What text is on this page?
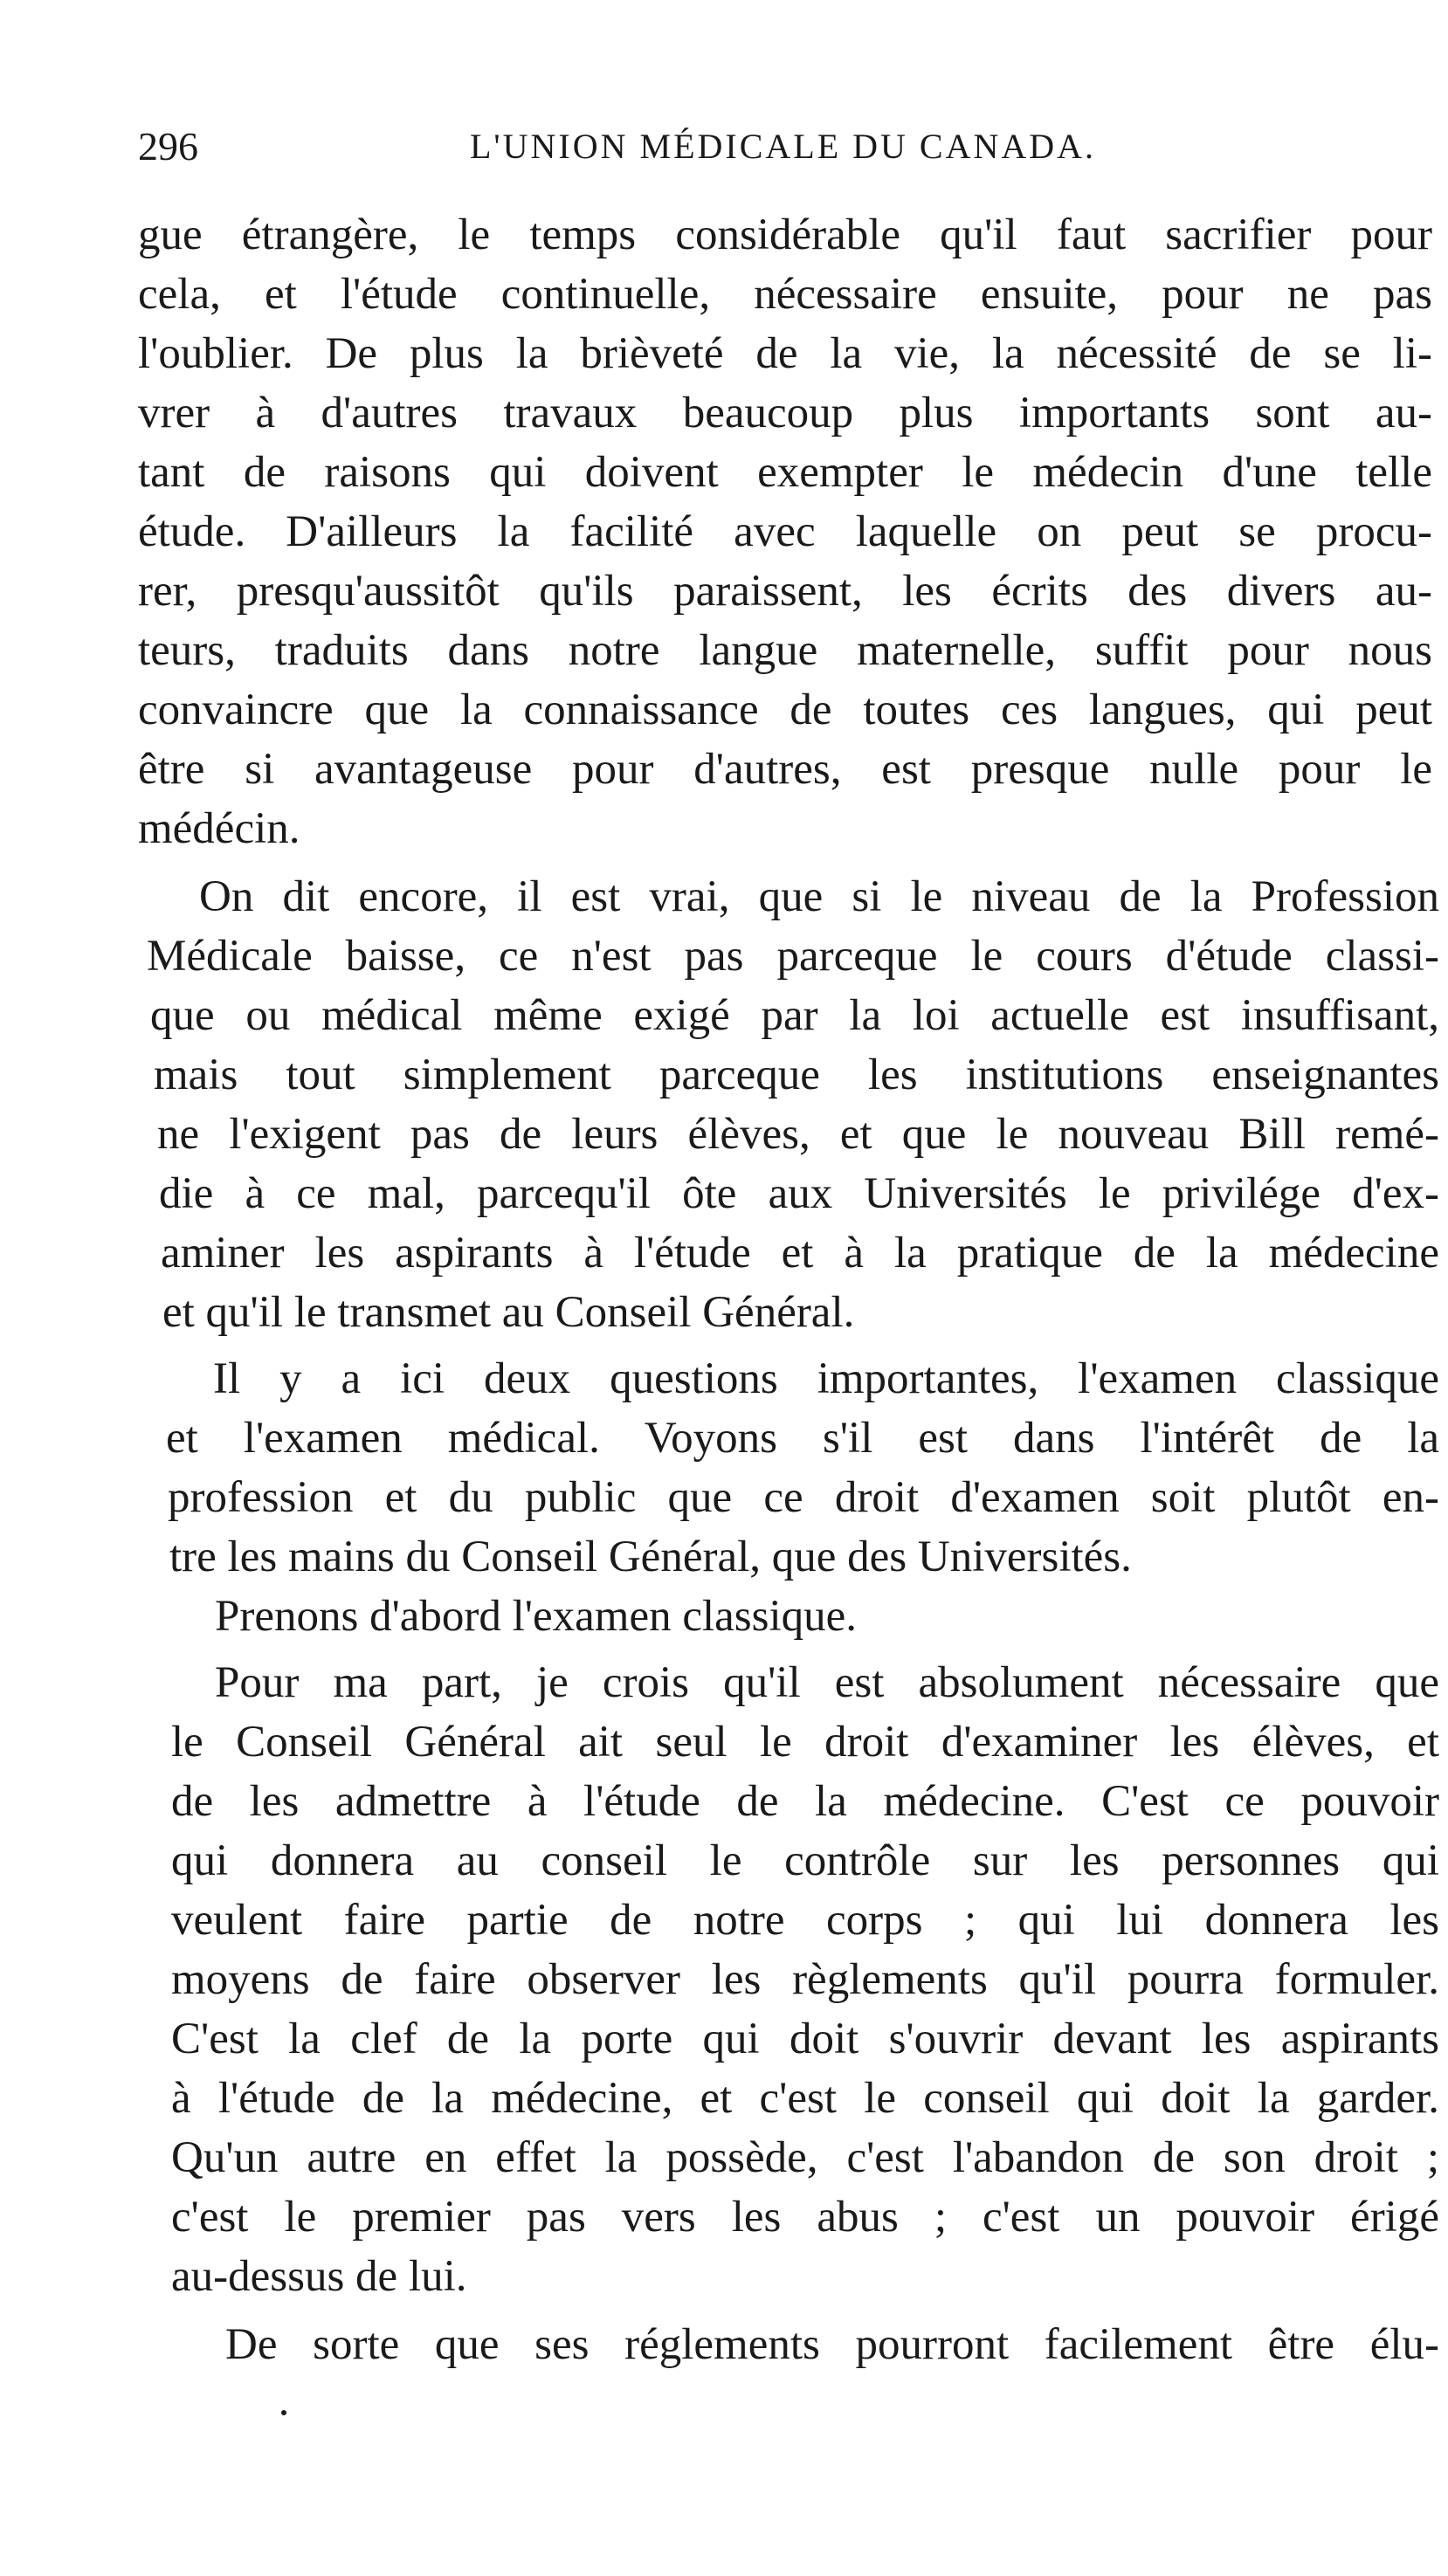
296	L'UNION MÉDICALE DU CANADA.
gue étrangère, le temps considérable qu'il faut sacrifier pour
cela, et l'étude continuelle, nécessaire ensuite, pour ne pas
l'oublier. De plus la brièveté de la vie, la nécessité de se li-
vrer à d'autres travaux beaucoup plus importants sont au-
tant de raisons qui doivent exempter le médecin d'une telle
étude. D'ailleurs la facilité avec laquelle on peut se procu-
rer, presqu'aussitôt qu'ils paraissent, les écrits des divers au-
teurs, traduits dans notre langue maternelle, suffit pour nous
convaincre que la connaissance de toutes ces langues, qui peut
être si avantageuse pour d'autres, est presque nulle pour le
médécin.
On dit encore, il est vrai, que si le niveau de la Profession
Médicale baisse, ce n'est pas parceque le cours d'étude classi-
que ou médical même exigé par la loi actuelle est insuffisant,
mais tout simplement parceque les institutions enseignantes
ne l'exigent pas de leurs élèves, et que le nouveau Bill remé-
die à ce mal, parcequ'il ôte aux Universités le privilége d'ex-
aminer les aspirants à l'étude et à la pratique de la médecine
et qu'il le transmet au Conseil Général.
Il y a ici deux questions importantes, l'examen classique
et l'examen médical. Voyons s'il est dans l'intérêt de la
profession et du public que ce droit d'examen soit plutôt en-
tre les mains du Conseil Général, que des Universités.
Prenons d'abord l'examen classique.
Pour ma part, je crois qu'il est absolument nécessaire que
le Conseil Général ait seul le droit d'examiner les élèves, et
de les admettre à l'étude de la médecine. C'est ce pouvoir
qui donnera au conseil le contrôle sur les personnes qui
veulent faire partie de notre corps ; qui lui donnera les
moyens de faire observer les règlements qu'il pourra formuler.
C'est la clef de la porte qui doit s'ouvrir devant les aspirants
à l'étude de la médecine, et c'est le conseil qui doit la garder.
Qu'un autre en effet la possède, c'est l'abandon de son droit ;
c'est le premier pas vers les abus ; c'est un pouvoir érigé
au-dessus de lui.
De sorte que ses réglements pourront facilement être élu-
